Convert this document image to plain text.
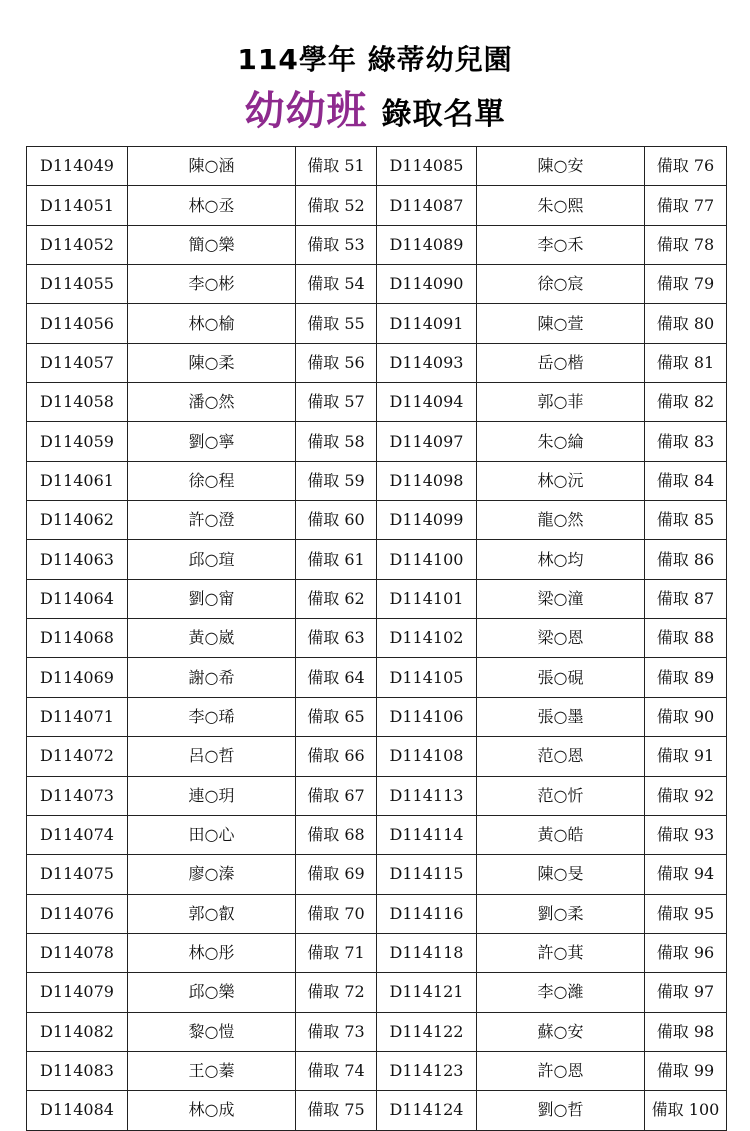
114學年 綠蒂幼兒園
幼幼班 錄取名單
D114049	陳○涵	備取 51	D114085	陳○安	備取 76
D114051	林○丞	備取 52	D114087	朱○熙	備取 77
D114052	簡○樂	備取 53	D114089	李○禾	備取 78
D114055	李○彬	備取 54	D114090	徐○宸	備取 79
D114056	林○榆	備取 55	D114091	陳○萱	備取 80
D114057	陳○柔	備取 56	D114093	岳○楷	備取 81
D114058	潘○然	備取 57	D114094	郭○菲	備取 82
D114059	劉○寧	備取 58	D114097	朱○綸	備取 83
D114061	徐○程	備取 59	D114098	林○沅	備取 84
D114062	許○澄	備取 60	D114099	龍○然	備取 85
D114063	邱○瑄	備取 61	D114100	林○均	備取 86
D114064	劉○甯	備取 62	D114101	梁○潼	備取 87
D114068	黃○崴	備取 63	D114102	梁○恩	備取 88
D114069	謝○希	備取 64	D114105	張○硯	備取 89
D114071	李○琋	備取 65	D114106	張○墨	備取 90
D114072	呂○哲	備取 66	D114108	范○恩	備取 91
D114073	連○玥	備取 67	D114113	范○忻	備取 92
D114074	田○心	備取 68	D114114	黃○皓	備取 93
D114075	廖○溱	備取 69	D114115	陳○旻	備取 94
D114076	郭○叡	備取 70	D114116	劉○柔	備取 95
D114078	林○彤	備取 71	D114118	許○萁	備取 96
D114079	邱○樂	備取 72	D114121	李○濰	備取 97
D114082	黎○愷	備取 73	D114122	蘇○安	備取 98
D114083	王○蓁	備取 74	D114123	許○恩	備取 99
D114084	林○成	備取 75	D114124	劉○哲	備取 100
